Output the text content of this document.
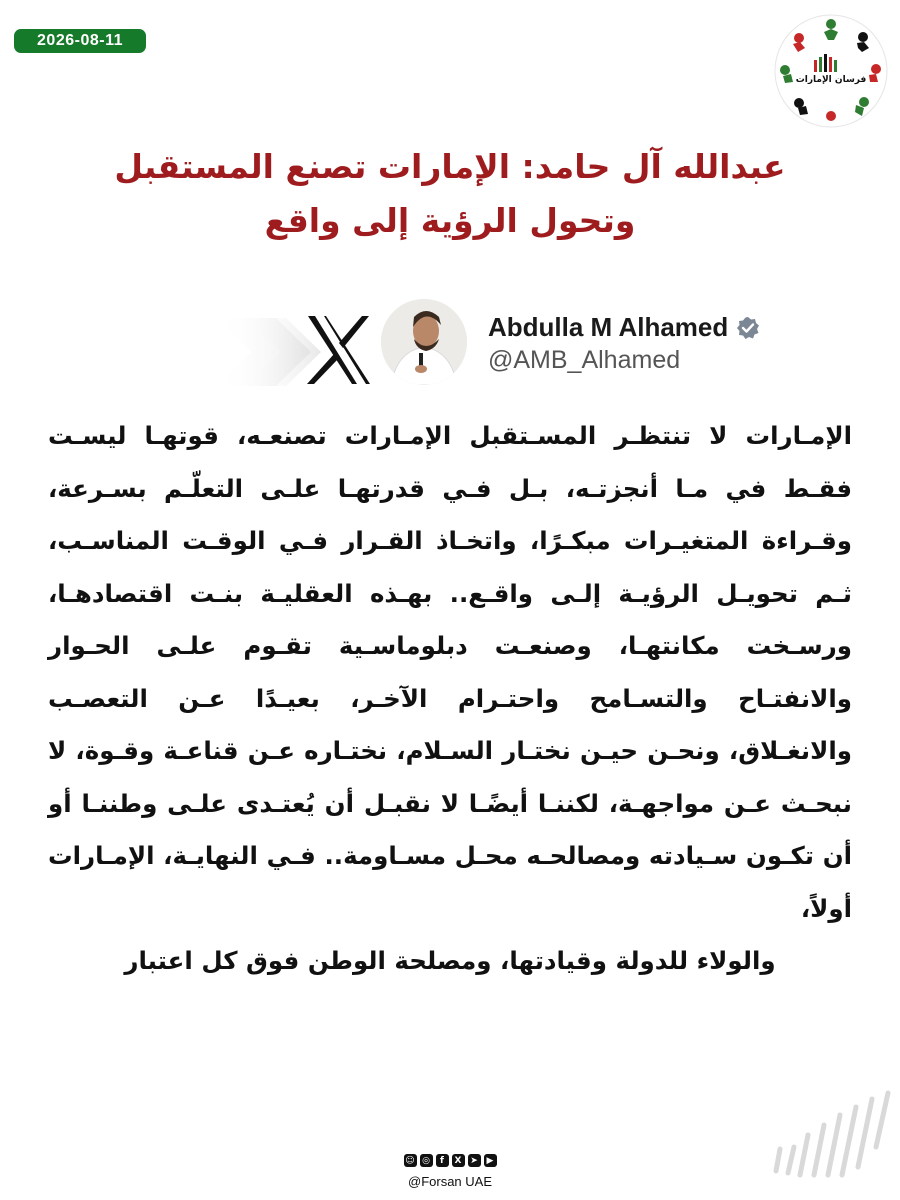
2026-08-11
فرسان الإمارات
عبدالله آل حامد: الإمارات تصنع المستقبل
وتحول الرؤية إلى واقع
Abdulla M Alhamed
@AMB_Alhamed
الإمـارات لا تنتظـر المسـتقبل الإمـارات تصنعـه، قوتهـا ليسـت فقـط في مـا أنجزتـه، بـل فـي قدرتهـا علـى التعلّـم بسـرعة، وقـراءة المتغيـرات مبكـرًا، واتخـاذ القـرار فـي الوقـت المناسـب، ثـم تحويـل الرؤيـة إلـى واقـع.. بهـذه العقليـة بنـت اقتصادهـا، ورسـخت مكانتهـا، وصنعـت دبلوماسـية تقـوم علـى الحـوار والانفتـاح والتسـامح واحتـرام الآخـر، بعيـدًا عـن التعصـب والانغـلاق، ونحـن حيـن نختـار السـلام، نختـاره عـن قناعـة وقـوة، لا نبحـث عـن مواجهـة، لكننـا أيضًـا لا نقبـل أن يُعتـدى علـى وطننـا أو أن تكـون سـيادته ومصالحـه محـل مسـاومة.. فـي النهايـة، الإمـارات أولاً،
والولاء للدولة وقيادتها، ومصلحة الوطن فوق كل اعتبار
☺ ◎	f	X ➤ ▶
@Forsan UAE
